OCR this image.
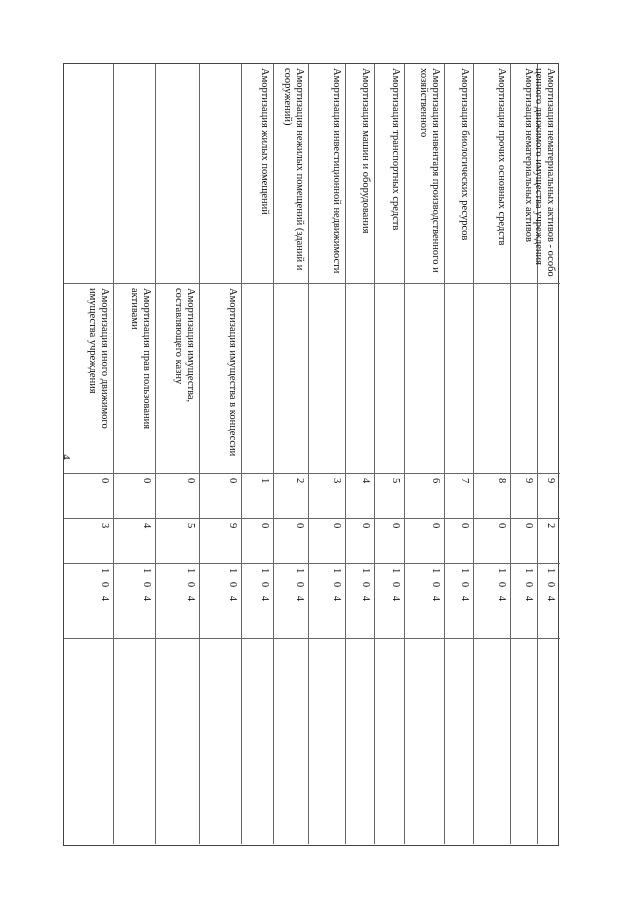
4
Амортизация иного движимого имущества учреждения
0
3
1 0 4
Амортизация прав пользования активами
0
4
1 0 4
Амортизация имущества, составляющего казну
0
5
1 0 4
Амортизация имущества в концессии
0
9
1 0 4
Амортизация жилых помещений
1
0
1 0 4
Амортизация нежилых помещений (зданий и сооружений)
2
0
1 0 4
Амортизация инвестиционной недвижимости
3
0
1 0 4
Амортизация машин и оборудования
4
0
1 0 4
Амортизация транспортных средств
5
0
1 0 4
Амортизация инвентаря производственного и хозяйственного
6
0
1 0 4
Амортизация биологических ресурсов
7
0
1 0 4
Амортизация прочих основных средств
8
0
1 0 4
Амортизация нематериальных активов
9
0
1 0 4
Амортизация нематериальных активов - особо ценного движимого имущества учреждения
9
2
1 0 4
